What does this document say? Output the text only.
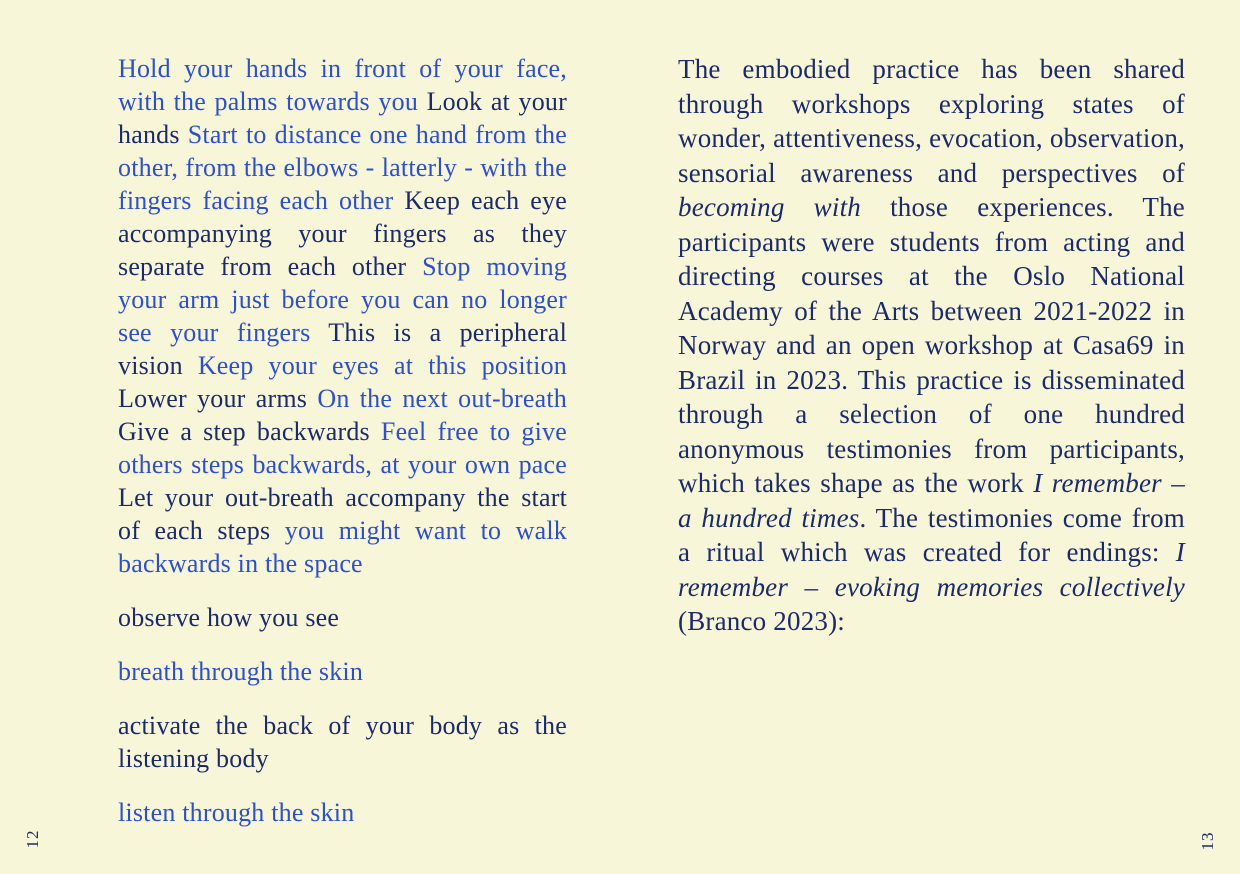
Hold your hands in front of your face, with the palms towards you Look at your hands Start to distance one hand from the other, from the elbows - latterly - with the fingers facing each other Keep each eye accompanying your fingers as they separate from each other Stop moving your arm just before you can no longer see your fingers This is a peripheral vision Keep your eyes at this position Lower your arms On the next out-breath Give a step backwards Feel free to give others steps backwards, at your own pace Let your out-breath accompany the start of each steps you might want to walk backwards in the space

observe how you see

breath through the skin

activate the back of your body as the listening body

listen through the skin

The embodied practice has been shared through workshops exploring states of wonder, attentiveness, evocation, observation, sensorial awareness and perspectives of becoming with those experiences. The participants were students from acting and directing courses at the Oslo National Academy of the Arts between 2021-2022 in Norway and an open workshop at Casa69 in Brazil in 2023. This practice is disseminated through a selection of one hundred anonymous testimonies from participants, which takes shape as the work I remember – a hundred times. The testimonies come from a ritual which was created for endings: I remember – evoking memories collectively (Branco 2023):

12	13
